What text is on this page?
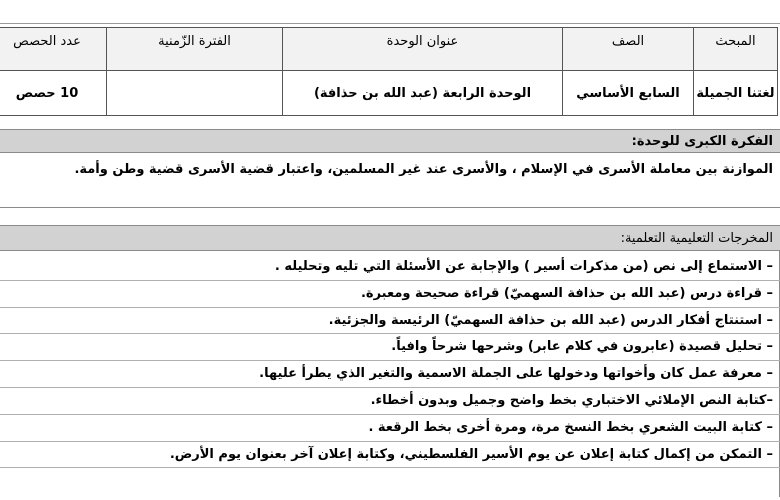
المبحث	الصف	عنوان الوحدة	الفترة الزّمنية	عدد الحصص
لغتنا الجميلة	السابع الأساسي	الوحدة الرابعة (عبد الله بن حذافة)		10 حصص
الفكرة الكبرى للوحدة:
الموازنة بين معاملة الأسرى في الإسلام ، والأسرى عند غير المسلمين، واعتبار قضية الأسرى قضية وطن وأمة.
المخرجات التعليمية التعلمية:
– الاستماع إلى نص (من مذكرات أسير ) والإجابة عن الأسئلة التي تليه وتحليله .
– قراءة درس (عبد الله بن حذافة السهميّ) قراءة صحيحة ومعبرة.
– استنتاج أفكار الدرس (عبد الله بن حذافة السهميّ) الرئيسة والجزئية.
– تحليل قصيدة (عابرون في كلام عابر) وشرحها شرحاً وافياً.
– معرفة عمل كان وأخواتها ودخولها على الجملة الاسمية والتغير الذي يطرأ عليها.
–كتابة النص الإملائي الاختباري بخط واضح وجميل وبدون أخطاء.
– كتابة البيت الشعري بخط النسخ مرة، ومرة أخرى بخط الرقعة .
– التمكن من إكمال كتابة إعلان عن يوم الأسير الفلسطيني، وكتابة إعلان آخر بعنوان يوم الأرض.
